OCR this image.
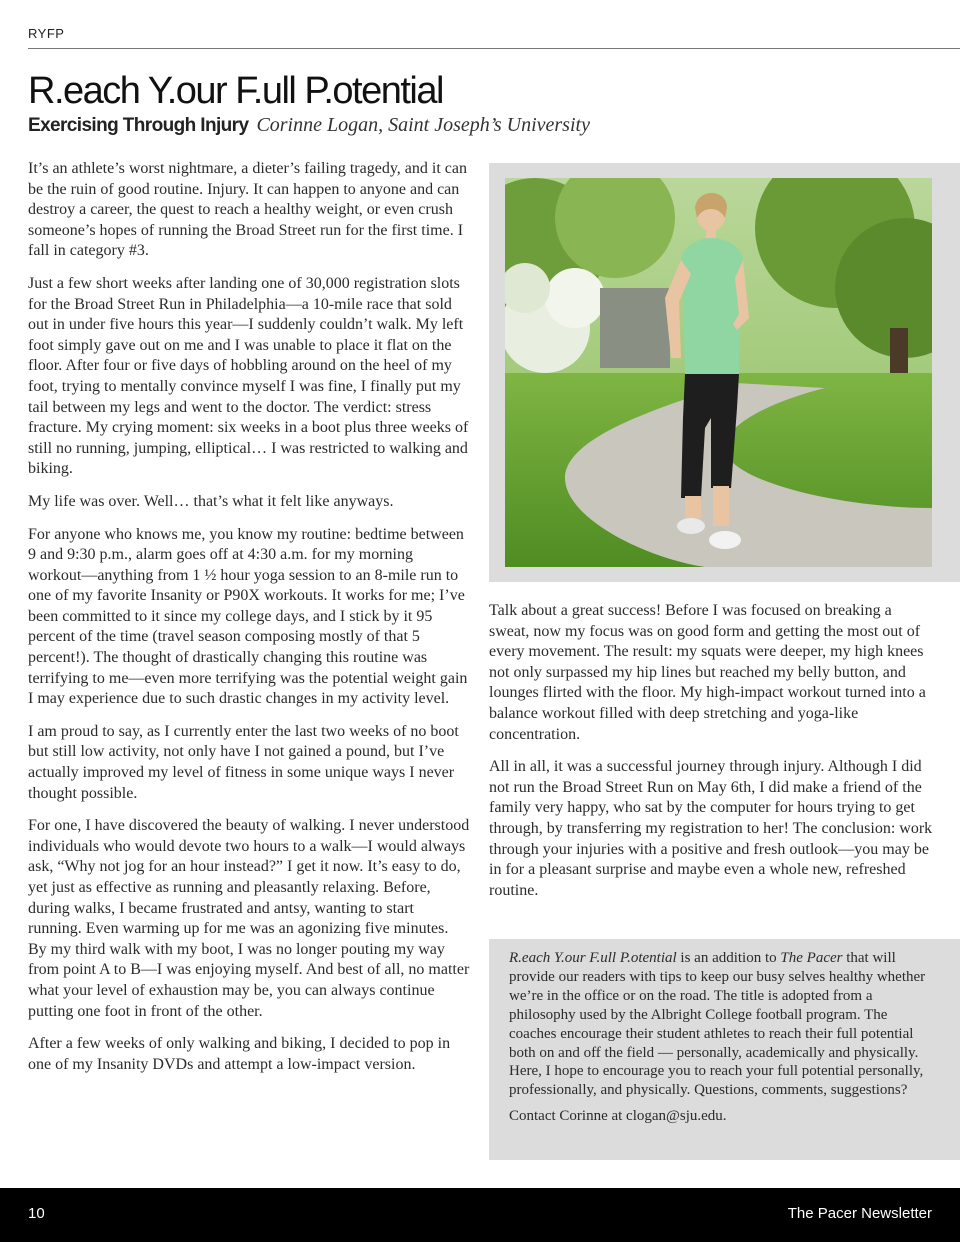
RYFP
R.each Y.our F.ull P.otential
Exercising Through Injury Corinne Logan, Saint Joseph’s University

It’s an athlete’s worst nightmare, a dieter’s failing tragedy, and it can be the ruin of good routine. Injury. It can happen to anyone and can destroy a career, the quest to reach a healthy weight, or even crush someone’s hopes of running the Broad Street run for the first time. I fall in category #3.

Just a few short weeks after landing one of 30,000 registration slots for the Broad Street Run in Philadelphia—a 10-mile race that sold out in under five hours this year—I suddenly couldn’t walk. My left foot simply gave out on me and I was unable to place it flat on the floor. After four or five days of hobbling around on the heel of my foot, trying to mentally convince myself I was fine, I finally put my tail between my legs and went to the doctor. The verdict: stress fracture. My crying moment: six weeks in a boot plus three weeks of still no running, jumping, elliptical… I was restricted to walking and biking.

My life was over. Well… that’s what it felt like anyways.

For anyone who knows me, you know my routine: bedtime between 9 and 9:30 p.m., alarm goes off at 4:30 a.m. for my morning workout—anything from 1 ½ hour yoga session to an 8-mile run to one of my favorite Insanity or P90X workouts. It works for me; I’ve been committed to it since my college days, and I stick by it 95 percent of the time (travel season composing mostly of that 5 percent!). The thought of drastically changing this routine was terrifying to me—even more terrifying was the potential weight gain I may experience due to such drastic changes in my activity level.

I am proud to say, as I currently enter the last two weeks of no boot but still low activity, not only have I not gained a pound, but I’ve actually improved my level of fitness in some unique ways I never thought possible.

For one, I have discovered the beauty of walking. I never understood individuals who would devote two hours to a walk—I would always ask, “Why not jog for an hour instead?” I get it now. It’s easy to do, yet just as effective as running and pleasantly relaxing. Before, during walks, I became frustrated and antsy, wanting to start running. Even warming up for me was an agonizing five minutes. By my third walk with my boot, I was no longer pouting my way from point A to B—I was enjoying myself. And best of all, no matter what your level of exhaustion may be, you can always continue putting one foot in front of the other.

After a few weeks of only walking and biking, I decided to pop in one of my Insanity DVDs and attempt a low-impact version.

Talk about a great success! Before I was focused on breaking a sweat, now my focus was on good form and getting the most out of every movement. The result: my squats were deeper, my high knees not only surpassed my hip lines but reached my belly button, and lounges flirted with the floor. My high-impact workout turned into a balance workout filled with deep stretching and yoga-like concentration.

All in all, it was a successful journey through injury. Although I did not run the Broad Street Run on May 6th, I did make a friend of the family very happy, who sat by the computer for hours trying to get through, by transferring my registration to her! The conclusion: work through your injuries with a positive and fresh outlook—you may be in for a pleasant surprise and maybe even a whole new, refreshed routine.

R.each Y.our F.ull P.otential is an addition to The Pacer that will provide our readers with tips to keep our busy selves healthy whether we’re in the office or on the road. The title is adopted from a philosophy used by the Albright College football program. The coaches encourage their student athletes to reach their full potential both on and off the field — personally, academically and physically. Here, I hope to encourage you to reach your full potential personally, professionally, and physically. Questions, comments, suggestions?

Contact Corinne at clogan@sju.edu.

10	The Pacer Newsletter
